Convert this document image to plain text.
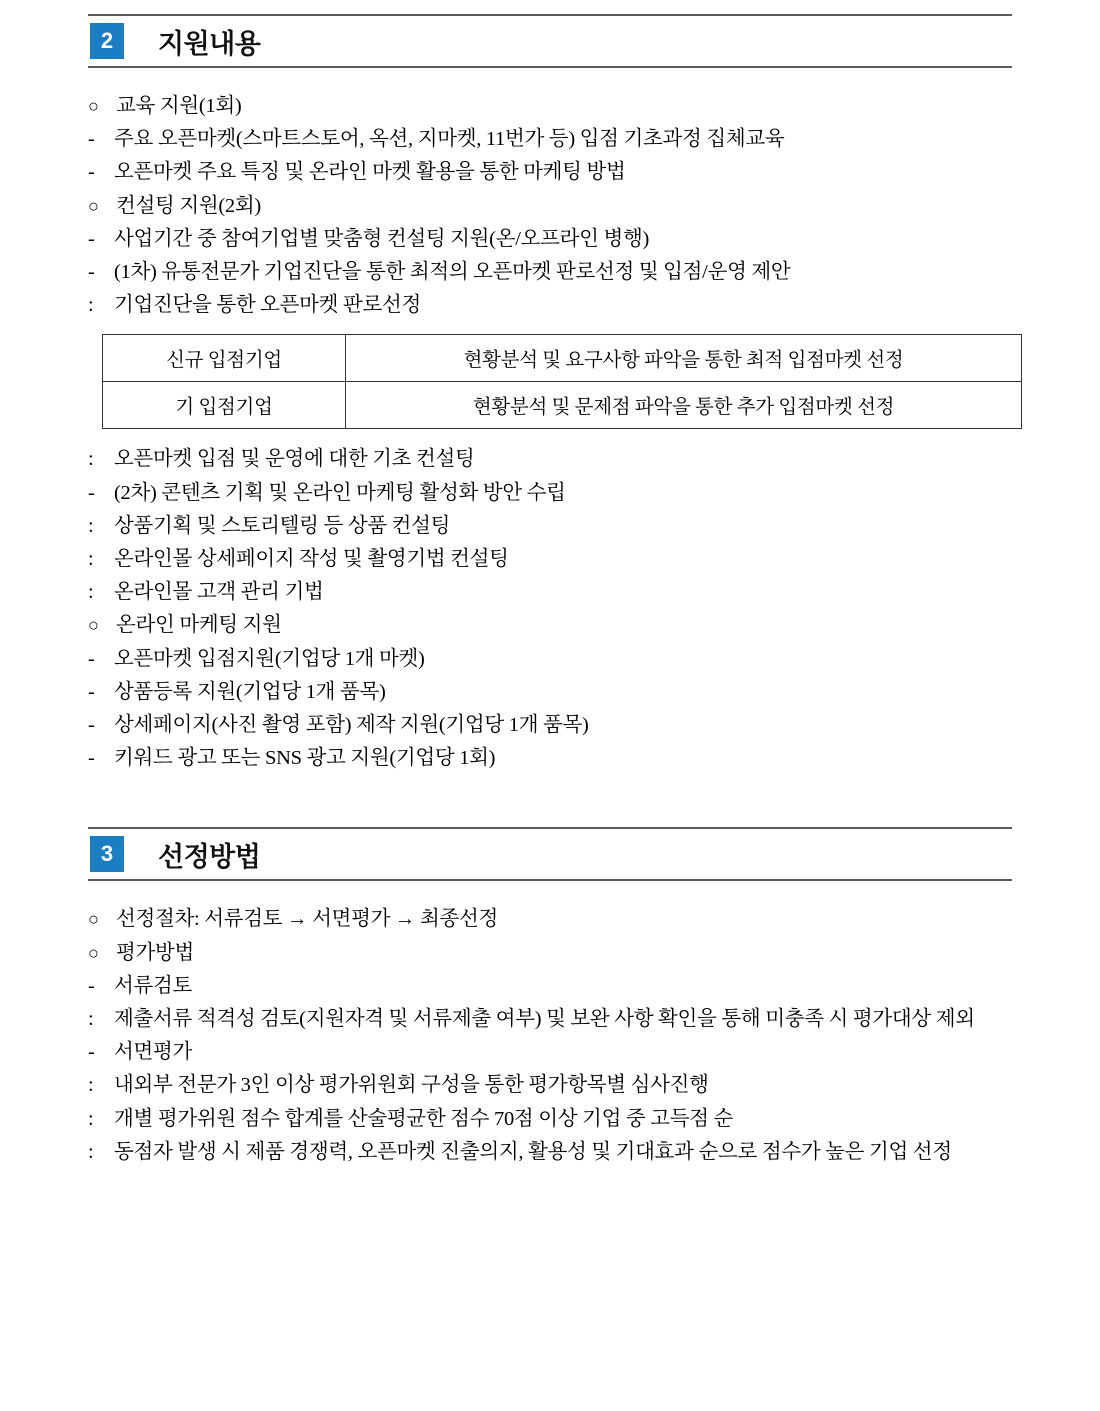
2	지원내용
○ 교육 지원(1회)
- 주요 오픈마켓(스마트스토어, 옥션, 지마켓, 11번가 등) 입점 기초과정 집체교육
- 오픈마켓 주요 특징 및 온라인 마켓 활용을 통한 마케팅 방법
○ 컨설팅 지원(2회)
- 사업기간 중 참여기업별 맞춤형 컨설팅 지원(온/오프라인 병행)
- (1차) 유통전문가 기업진단을 통한 최적의 오픈마켓 판로선정 및 입점/운영 제안
:	기업진단을 통한 오픈마켓 판로선정
신규 입점기업	현황분석 및 요구사항 파악을 통한 최적 입점마켓 선정
기 입점기업	현황분석 및 문제점 파악을 통한 추가 입점마켓 선정
:	오픈마켓 입점 및 운영에 대한 기초 컨설팅
- (2차) 콘텐츠 기획 및 온라인 마케팅 활성화 방안 수립
:	상품기획 및 스토리텔링 등 상품 컨설팅
:	온라인몰 상세페이지 작성 및 촬영기법 컨설팅
:	온라인몰 고객 관리 기법
○ 온라인 마케팅 지원
- 오픈마켓 입점지원(기업당 1개 마켓)
- 상품등록 지원(기업당 1개 품목)
- 상세페이지(사진 촬영 포함) 제작 지원(기업당 1개 품목)
- 키워드 광고 또는 SNS 광고 지원(기업당 1회)
3	선정방법
○ 선정절차: 서류검토 → 서면평가 → 최종선정
○ 평가방법
- 서류검토
:	제출서류 적격성 검토(지원자격 및 서류제출 여부) 및 보완 사항 확인을 통해 미충족 시 평가대상 제외
- 서면평가
:	내외부 전문가 3인 이상 평가위원회 구성을 통한 평가항목별 심사진행
:	개별 평가위원 점수 합계를 산술평균한 점수 70점 이상 기업 중 고득점 순
:	동점자 발생 시 제품 경쟁력, 오픈마켓 진출의지, 활용성 및 기대효과 순으로 점수가 높은 기업 선정
